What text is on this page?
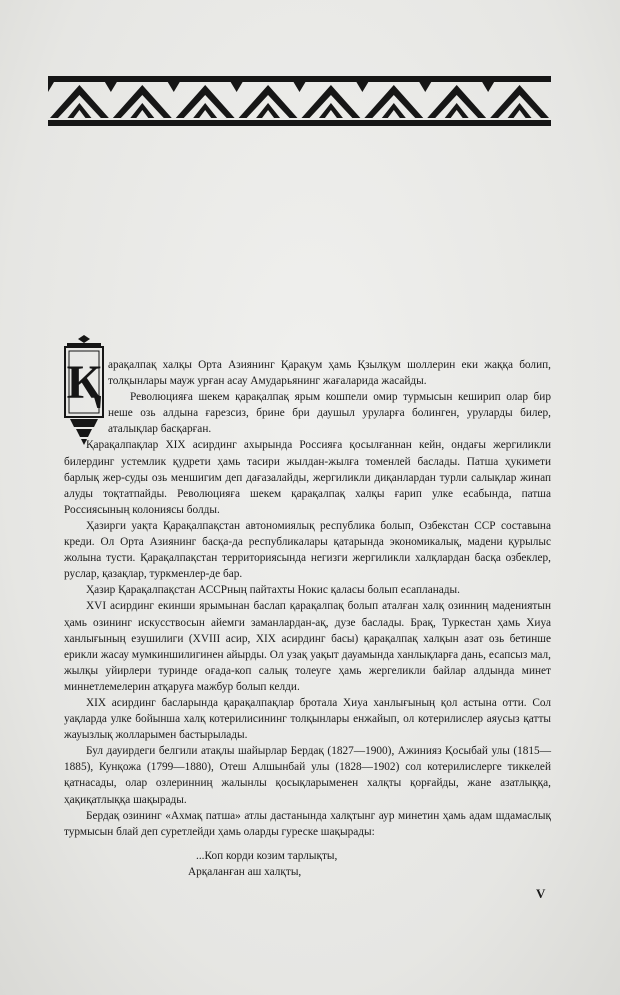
Қ арақалпақ халқы Орта Азиянинг Қарақум ҳамь Қзылқум шоллерин еки жаққа болип, толқынлары мауж урған асау Амударьянинг жағаларида жасайды.

Революцияға шекем қарақалпақ ярым кошпели омир турмысын кеширип олар бир неше озь алдына ғарезсиз, брине бри даушыл уруларға болинген, уруларды билер, аталықлар басқарған.

Қарақалпақлар XIX асирдинг ахырында Россияға қосылғаннан кейн, ондағы жергиликли билердинг устемлик қудрети ҳамь тасири жылдан-жылға томенлей баслады. Патша ҳукимети барлық жер-суды озь меншигим деп дағазалайды, жергиликли диқанлардан турли салықлар жинап алуды тоқтатпайды. Революцияға шекем қарақалпақ халқы ғарип улке есабында, патша Россиясының колониясы болды.

Ҳазирги уақта Қарақалпақстан автономиялық республика болып, Озбекстан ССР составына креди. Ол Орта Азиянинг басқа-да республикалары қатарында экономикалық, мадени қурылыс жолына тусти. Қарақалпақстан территориясында негизги жергиликли халқлардан басқа озбеклер, руслар, қазақлар, туркменлер-де бар.

Ҳазир Қарақалпақстан АССРның пайтахты Нокис қаласы болып есапланады.

XVI асирдинг екинши ярымынан баслап қарақалпақ болып аталған халқ озинниң мадениятын ҳамь озининг искусствосын айемги заманлардан-ақ, дузе баслады. Брақ, Туркестан ҳамь Хиуа ханлығының езушилиги (XVIII асир, XIX асирдинг басы) қарақалпақ халқын азат озь бетинше ерикли жасау мумкиншилигинен айырды. Ол узақ уақыт дауамында ханлықларға дань, есапсыз мал, жылқы уйирлери туринде оғада-коп салық толеуге ҳамь жергеликли байлар алдында минет миннетлемелерин атқаруға мажбур болып келди.

XIX асирдинг басларында қарақалпақлар бротала Хиуа ханлығының қол астына отти. Сол уақларда улке бойынша халқ котерилисининг толқынлары енжайып, ол котерилислер аяусыз қатты жауызлық жолларымен бастырылады.

Бул дауирдеги белгили атақлы шайырлар Бердақ (1827—1900), Ажинияз Қосыбай улы (1815—1885), Кунқожа (1799—1880), Отеш Алшынбай улы (1828—1902) сол котерилислерге тиккелей қатнасады, олар озлеринниң жалынлы қосықларыменен халқты қорғайды, жане азатлыққа, ҳақиқатлыққа шақырады.

Бердақ озининг «Ахмақ патша» атлы дастанында халқтынг аур минетин ҳамь адам шдамаслық турмысын блай деп суретлейди ҳамь оларды гуреске шақырады:

...Коп корди козим тарлықты,
Арқаланған аш халқты,
V
